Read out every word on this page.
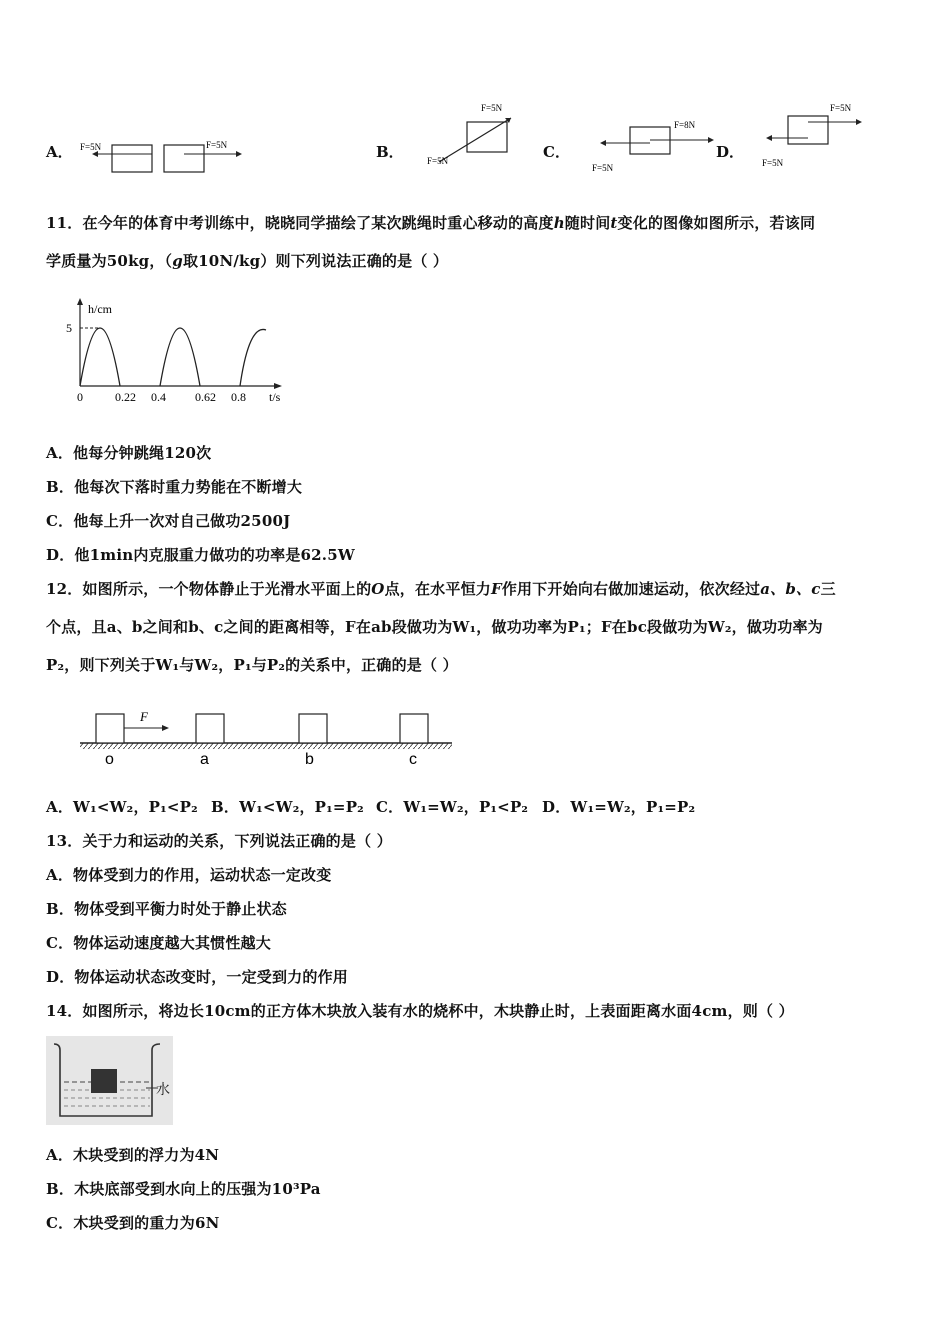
A． F=5N	F=5N	B．
F=5N
F=5N	C．
F=8N
F=5N
D．
F=5N
F=5N
11．在今年的体育中考训练中，晓晓同学描绘了某次跳绳时重心移动的高度h随时间t变化的图像如图所示，若该同
学质量为50kg，（g取10N/kg）则下列说法正确的是（ ）
h/cm
t/s
5
0	0.22 0.4 0.62 0.8
A．他每分钟跳绳120次
B．他每次下落时重力势能在不断增大
C．他每上升一次对自己做功2500J
D．他1min内克服重力做功的功率是62.5W
12．如图所示，一个物体静止于光滑水平面上的O点，在水平恒力F作用下开始向右做加速运动，依次经过a、b、c三
个点，且a、b之间和b、c之间的距离相等，F在ab段做功为W₁，做功功率为P₁；F在bc段做功为W₂，做功功率为
P₂，则下列关于W₁与W₂，P₁与P₂的关系中，正确的是（ ）
F
o	a	b	c
A．W₁<W₂，P₁<P₂ B．W₁<W₂，P₁=P₂ C．W₁=W₂，P₁<P₂ D．W₁=W₂，P₁=P₂
13．关于力和运动的关系，下列说法正确的是（ ）
A．物体受到力的作用，运动状态一定改变
B．物体受到平衡力时处于静止状态
C．物体运动速度越大其惯性越大
D．物体运动状态改变时，一定受到力的作用
14．如图所示，将边长10cm的正方体木块放入装有水的烧杯中，木块静止时，上表面距离水面4cm，则（ ）
水
A．木块受到的浮力为4N
B．木块底部受到水向上的压强为10³Pa
C．木块受到的重力为6N
